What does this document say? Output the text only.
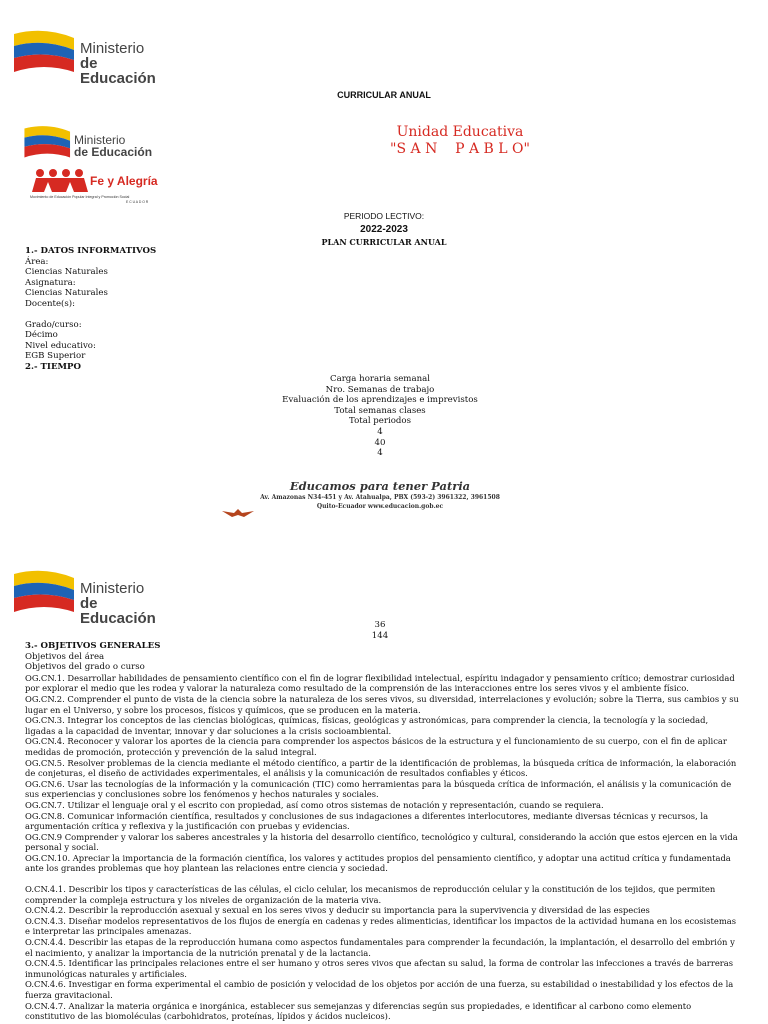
Ministerio
de Educación
CURRICULAR ANUAL
Ministerio
de Educación
Fe y Alegría
Movimiento de Educación Popular Integral y Promoción Social
E C U A D O R
Unidad Educativa
"S A N    P A B L O"
PERIODO LECTIVO:
2022-2023
PLAN CURRICULAR ANUAL
1.- DATOS INFORMATIVOS
Área:
Ciencias Naturales
Asignatura:
Ciencias Naturales
Docente(s):
Grado/curso:
Décimo
Nivel educativo:
EGB Superior
2.- TIEMPO
Carga horaria semanal
Nro. Semanas de trabajo
Evaluación de los aprendizajes e imprevistos
Total semanas clases
Total periodos
4
40
4
Educamos para tener Patria
Av. Amazonas N34-451 y Av. Atahualpa, PBX (593-2) 3961322, 3961508
Quito-Ecuador www.educacion.gob.ec
Ministerio
de Educación	36
144
3.- OBJETIVOS GENERALES
Objetivos del área
Objetivos del grado o curso
OG.CN.1. Desarrollar habilidades de pensamiento científico con el fin de lograr flexibilidad intelectual, espíritu indagador y pensamiento crítico; demostrar curiosidad por explorar el medio que les rodea y valorar la naturaleza como resultado de la comprensión de las interacciones entre los seres vivos y el ambiente físico.
OG.CN.2. Comprender el punto de vista de la ciencia sobre la naturaleza de los seres vivos, su diversidad, interrelaciones y evolución; sobre la Tierra, sus cambios y su lugar en el Universo, y sobre los procesos, físicos y químicos, que se producen en la materia.
OG.CN.3. Integrar los conceptos de las ciencias biológicas, químicas, físicas, geológicas y astronómicas, para comprender la ciencia, la tecnología y la sociedad, ligadas a la capacidad de inventar, innovar y dar soluciones a la crisis socioambiental.
OG.CN.4. Reconocer y valorar los aportes de la ciencia para comprender los aspectos básicos de la estructura y el funcionamiento de su cuerpo, con el fin de aplicar medidas de promoción, protección y prevención de la salud integral.
OG.CN.5. Resolver problemas de la ciencia mediante el método científico, a partir de la identificación de problemas, la búsqueda crítica de información, la elaboración de conjeturas, el diseño de actividades experimentales, el análisis y la comunicación de resultados confiables y éticos.
OG.CN.6. Usar las tecnologías de la información y la comunicación (TIC) como herramientas para la búsqueda crítica de información, el análisis y la comunicación de sus experiencias y conclusiones sobre los fenómenos y hechos naturales y sociales.
OG.CN.7. Utilizar el lenguaje oral y el escrito con propiedad, así como otros sistemas de notación y representación, cuando se requiera.
OG.CN.8. Comunicar información científica, resultados y conclusiones de sus indagaciones a diferentes interlocutores, mediante diversas técnicas y recursos, la argumentación crítica y reflexiva y la justificación con pruebas y evidencias.
OG.CN.9 Comprender y valorar los saberes ancestrales y la historia del desarrollo científico, tecnológico y cultural, considerando la acción que estos ejercen en la vida personal y social.
OG.CN.10. Apreciar la importancia de la formación científica, los valores y actitudes propios del pensamiento científico, y adoptar una actitud crítica y fundamentada ante los grandes problemas que hoy plantean las relaciones entre ciencia y sociedad.
O.CN.4.1. Describir los tipos y características de las células, el ciclo celular, los mecanismos de reproducción celular y la constitución de los tejidos, que permiten comprender la compleja estructura y los niveles de organización de la materia viva.
O.CN.4.2. Describir la reproducción asexual y sexual en los seres vivos y deducir su importancia para la supervivencia y diversidad de las especies
O.CN.4.3. Diseñar modelos representativos de los flujos de energía en cadenas y redes alimenticias, identificar los impactos de la actividad humana en los ecosistemas e interpretar las principales amenazas.
O.CN.4.4. Describir las etapas de la reproducción humana como aspectos fundamentales para comprender la fecundación, la implantación, el desarrollo del embrión y el nacimiento, y analizar la importancia de la nutrición prenatal y de la lactancia.
O.CN.4.5. Identificar las principales relaciones entre el ser humano y otros seres vivos que afectan su salud, la forma de controlar las infecciones a través de barreras inmunológicas naturales y artificiales.
O.CN.4.6. Investigar en forma experimental el cambio de posición y velocidad de los objetos por acción de una fuerza, su estabilidad o inestabilidad y los efectos de la fuerza gravitacional.
O.CN.4.7. Analizar la materia orgánica e inorgánica, establecer sus semejanzas y diferencias según sus propiedades, e identificar al carbono como elemento constitutivo de las biomoléculas (carbohidratos, proteínas, lípidos y ácidos nucleicos).
